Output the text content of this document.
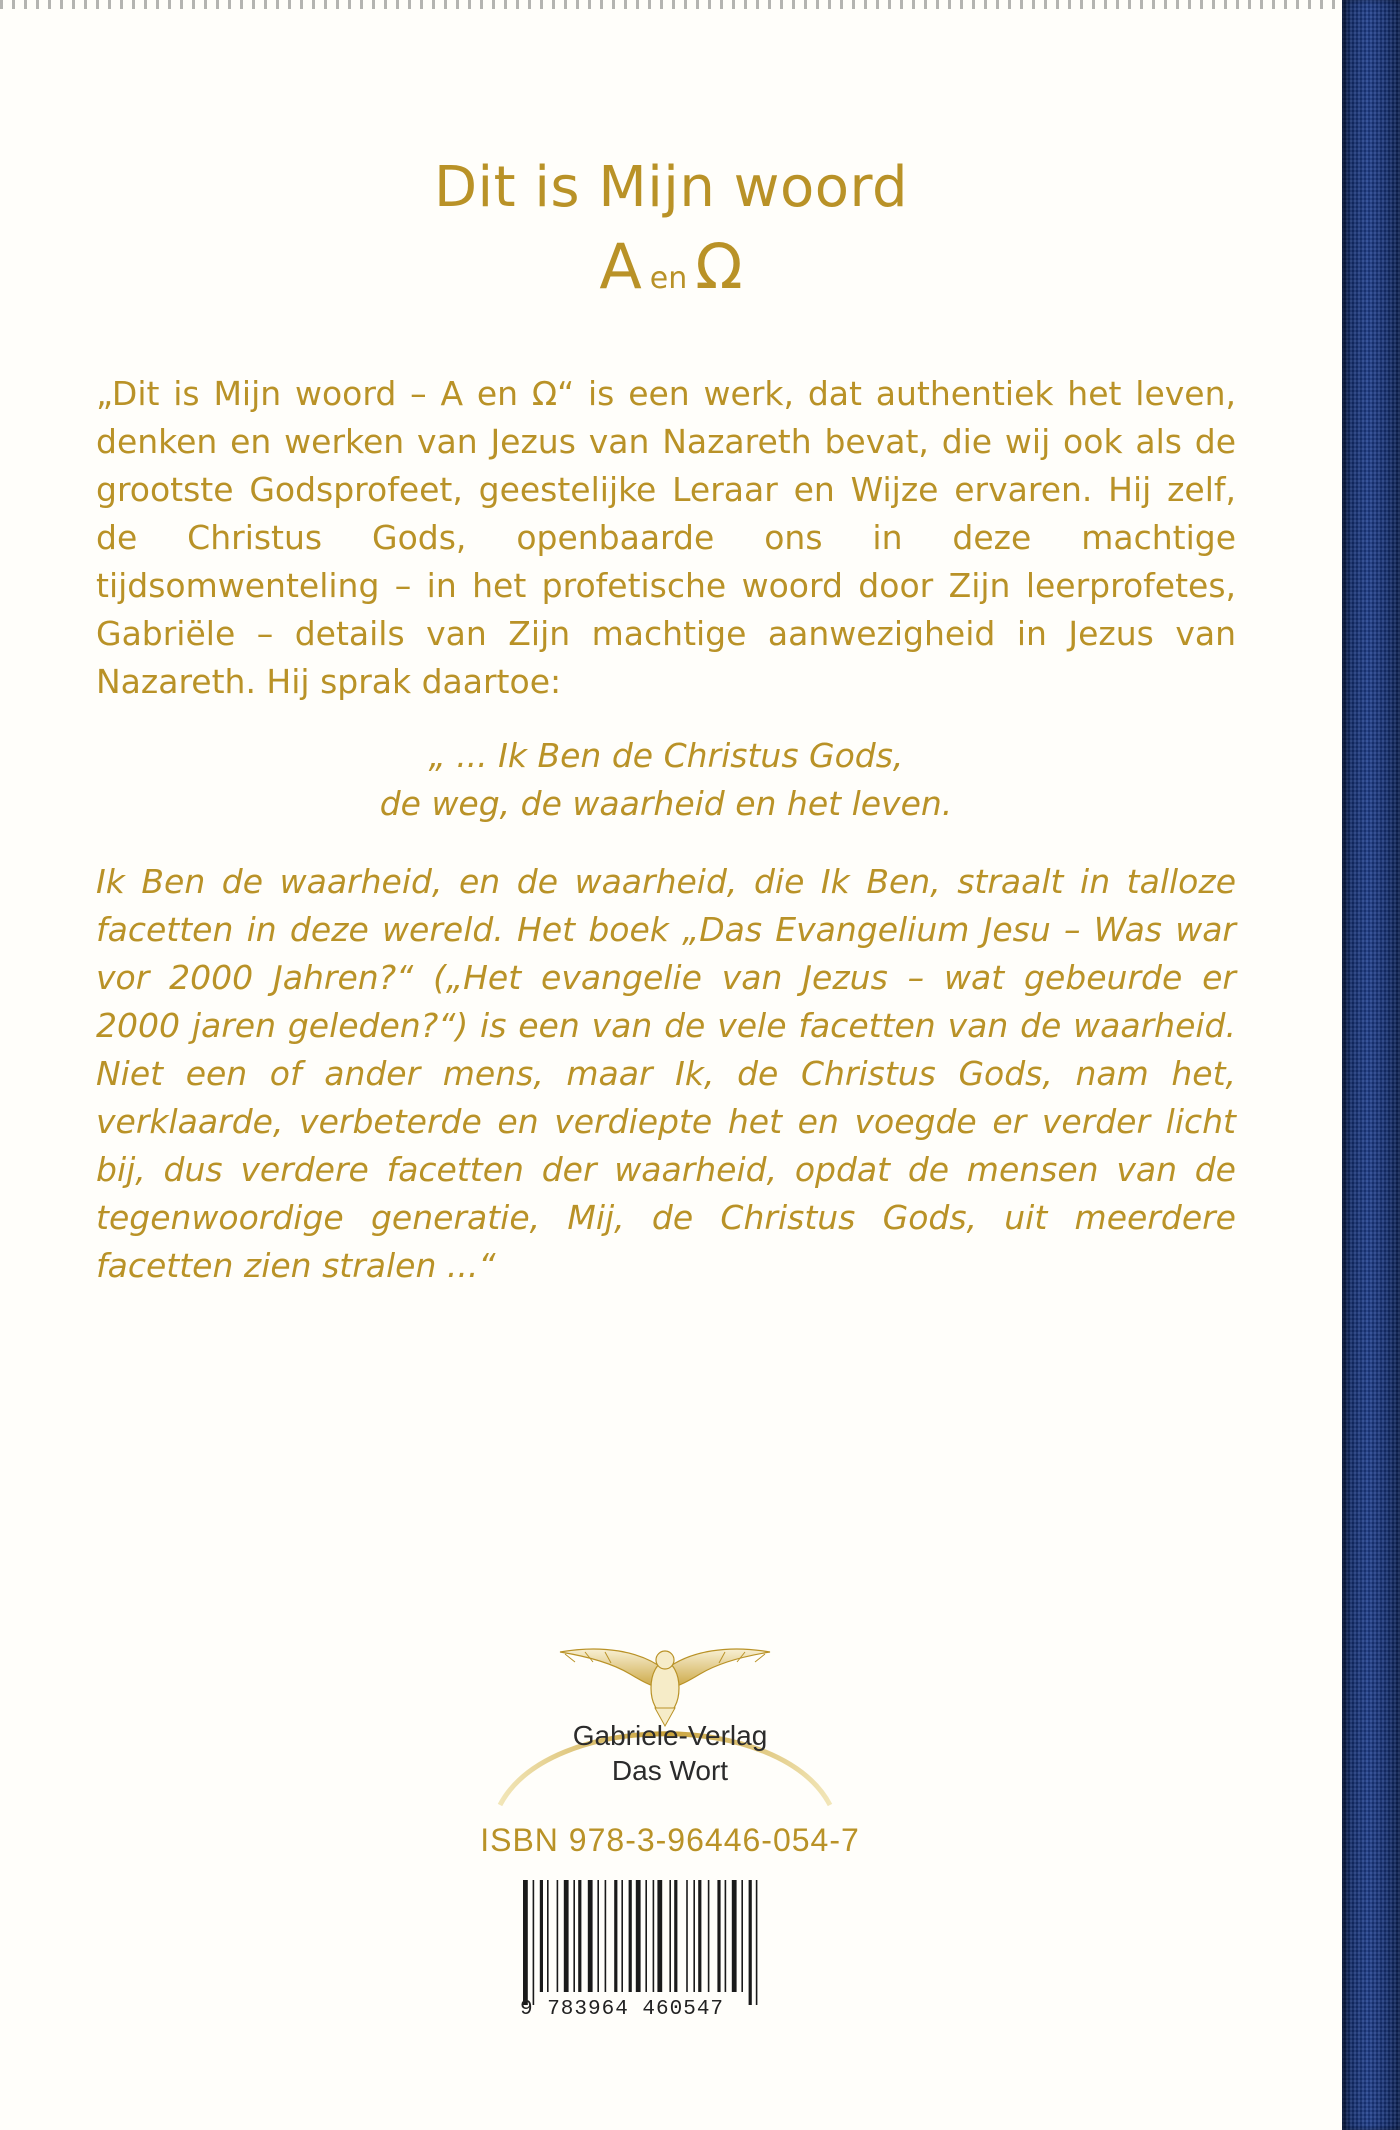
Dit is Mijn woord
Aen Ω

„Dit is Mijn woord – A en Ω“ is een werk, dat authentiek het leven, denken en werken van Jezus van Nazareth bevat, die wij ook als de grootste Godsprofeet, geestelijke Leraar en Wijze ervaren. Hij zelf, de Christus Gods, openbaarde ons in deze machtige tijdsomwenteling – in het profetische woord door Zijn leerprofetes, Gabriële – details van Zijn machtige aanwezigheid in Jezus van Nazareth. Hij sprak daartoe:

„ ... Ik Ben de Christus Gods,
de weg, de waarheid en het leven.

Ik Ben de waarheid, en de waarheid, die Ik Ben, straalt in talloze facetten in deze wereld. Het boek „Das Evangelium Jesu – Was war vor 2000 Jahren?“ („Het evangelie van Jezus – wat gebeurde er 2000 jaren geleden?“) is een van de vele facetten van de waarheid. Niet een of ander mens, maar Ik, de Christus Gods, nam het, verklaarde, verbeterde en verdiepte het en voegde er verder licht bij, dus verdere facetten der waarheid, opdat de mensen van de tegenwoordige generatie, Mij, de Christus Gods, uit meerdere facetten zien stralen ...“

Gabriele-Verlag
Das Wort
ISBN 978-3-96446-054-7
9 783964 460547
